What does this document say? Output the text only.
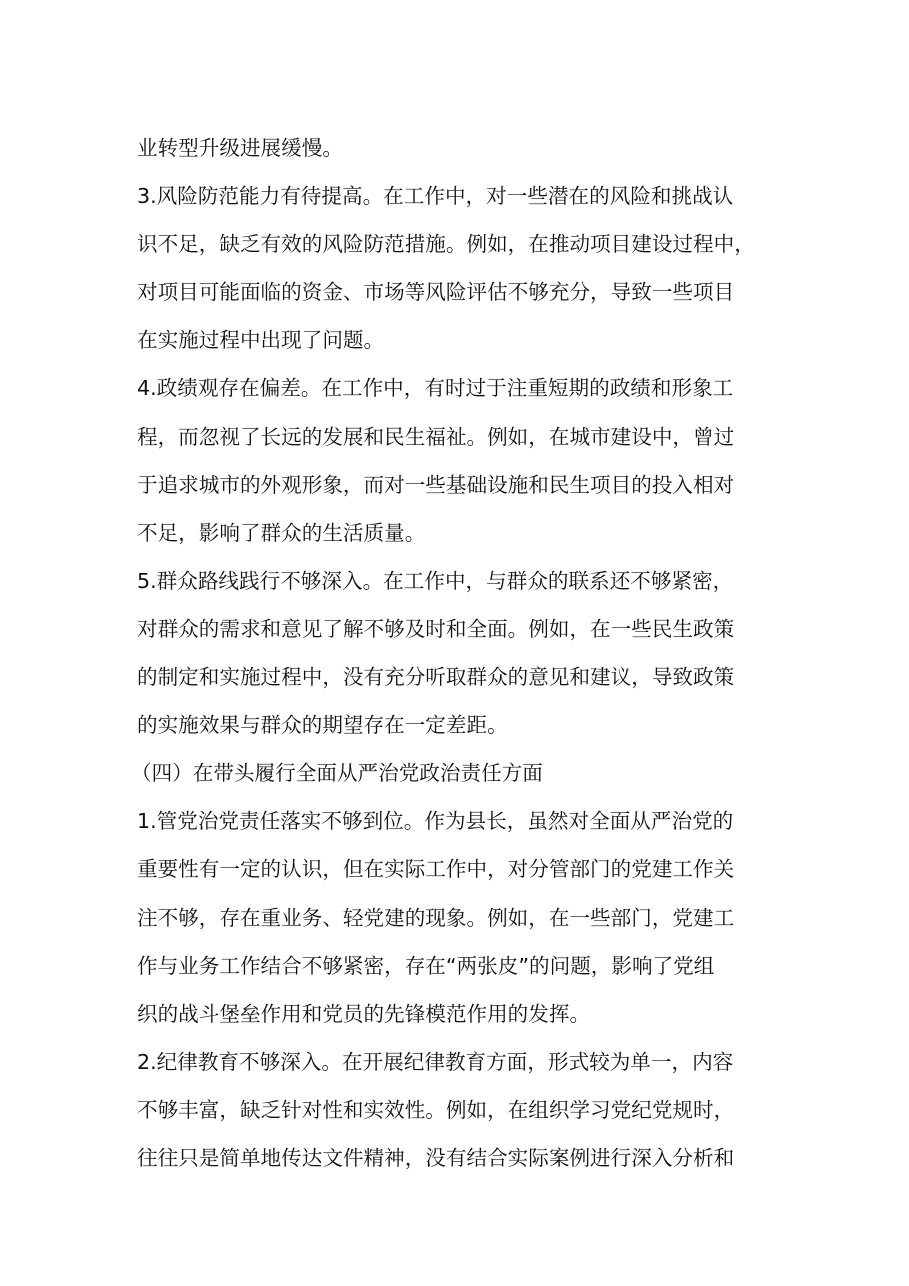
业转型升级进展缓慢。
3.风险防范能力有待提高。在工作中，对一些潜在的风险和挑战认
识不足，缺乏有效的风险防范措施。例如，在推动项目建设过程中，
对项目可能面临的资金、市场等风险评估不够充分，导致一些项目
在实施过程中出现了问题。
4.政绩观存在偏差。在工作中，有时过于注重短期的政绩和形象工
程，而忽视了长远的发展和民生福祉。例如，在城市建设中，曾过
于追求城市的外观形象，而对一些基础设施和民生项目的投入相对
不足，影响了群众的生活质量。
5.群众路线践行不够深入。在工作中，与群众的联系还不够紧密，
对群众的需求和意见了解不够及时和全面。例如，在一些民生政策
的制定和实施过程中，没有充分听取群众的意见和建议，导致政策
的实施效果与群众的期望存在一定差距。
（四）在带头履行全面从严治党政治责任方面
1.管党治党责任落实不够到位。作为县长，虽然对全面从严治党的
重要性有一定的认识，但在实际工作中，对分管部门的党建工作关
注不够，存在重业务、轻党建的现象。例如，在一些部门，党建工
作与业务工作结合不够紧密，存在“两张皮”的问题，影响了党组
织的战斗堡垒作用和党员的先锋模范作用的发挥。
2.纪律教育不够深入。在开展纪律教育方面，形式较为单一，内容
不够丰富，缺乏针对性和实效性。例如，在组织学习党纪党规时，
往往只是简单地传达文件精神，没有结合实际案例进行深入分析和
